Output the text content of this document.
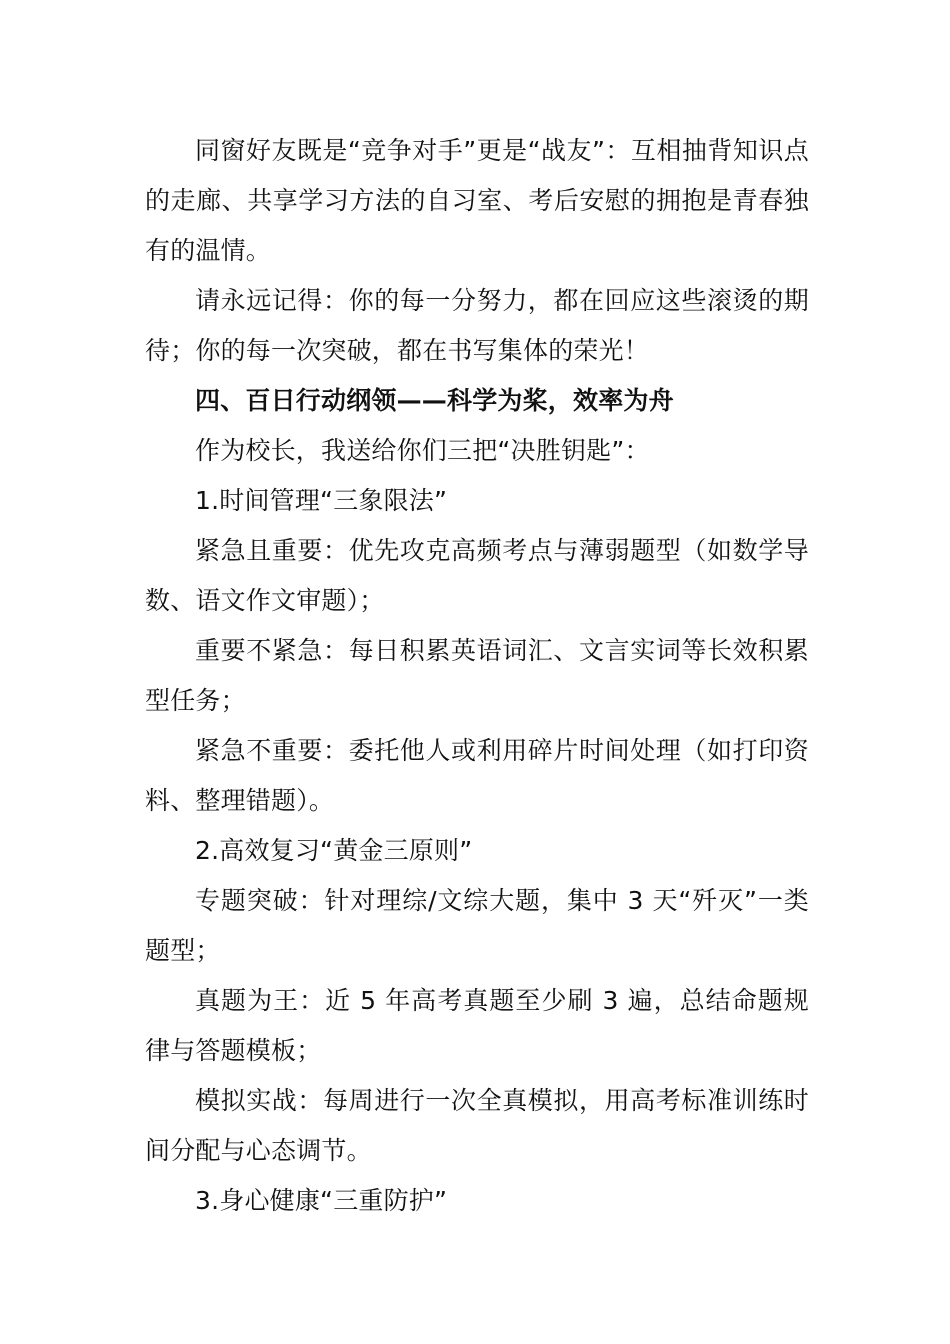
同窗好友既是“竞争对手”更是“战友”：互相抽背知识点的走廊、共享学习方法的自习室、考后安慰的拥抱是青春独有的温情。

请永远记得：你的每一分努力，都在回应这些滚烫的期待；你的每一次突破，都在书写集体的荣光！

四、百日行动纲领——科学为桨，效率为舟

作为校长，我送给你们三把“决胜钥匙”：

1.时间管理“三象限法”

紧急且重要：优先攻克高频考点与薄弱题型（如数学导数、语文作文审题）；

重要不紧急：每日积累英语词汇、文言实词等长效积累型任务；

紧急不重要：委托他人或利用碎片时间处理（如打印资料、整理错题）。

2.高效复习“黄金三原则”

专题突破：针对理综/文综大题，集中 3 天“歼灭”一类题型；

真题为王：近 5 年高考真题至少刷 3 遍，总结命题规律与答题模板；

模拟实战：每周进行一次全真模拟，用高考标准训练时间分配与心态调节。

3.身心健康“三重防护”
